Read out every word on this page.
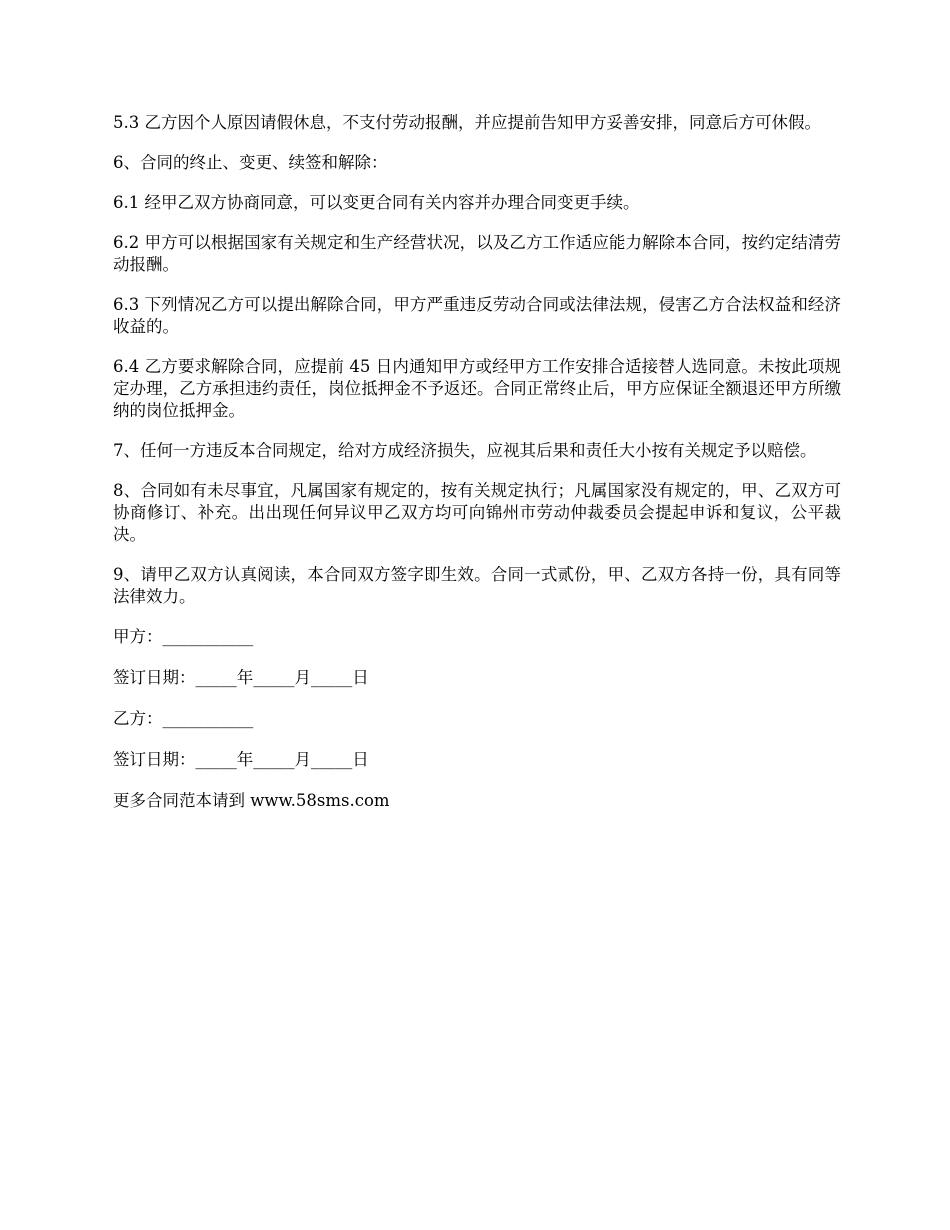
5.3 乙方因个人原因请假休息，不支付劳动报酬，并应提前告知甲方妥善安排，同意后方可休假。

6、合同的终止、变更、续签和解除：

6.1 经甲乙双方协商同意，可以变更合同有关内容并办理合同变更手续。

6.2 甲方可以根据国家有关规定和生产经营状况，以及乙方工作适应能力解除本合同，按约定结清劳动报酬。

6.3 下列情况乙方可以提出解除合同，甲方严重违反劳动合同或法律法规，侵害乙方合法权益和经济收益的。

6.4 乙方要求解除合同，应提前 45 日内通知甲方或经甲方工作安排合适接替人选同意。未按此项规定办理，乙方承担违约责任，岗位抵押金不予返还。合同正常终止后，甲方应保证全额退还甲方所缴纳的岗位抵押金。

7、任何一方违反本合同规定，给对方成经济损失，应视其后果和责任大小按有关规定予以赔偿。

8、合同如有未尽事宜，凡属国家有规定的，按有关规定执行；凡属国家没有规定的，甲、乙双方可协商修订、补充。出出现任何异议甲乙双方均可向锦州市劳动仲裁委员会提起申诉和复议，公平裁决。

9、请甲乙双方认真阅读，本合同双方签字即生效。合同一式贰份，甲、乙双方各持一份，具有同等法律效力。

甲方：___________

签订日期：_____年_____月_____日

乙方：___________

签订日期：_____年_____月_____日

更多合同范本请到 www.58sms.com
